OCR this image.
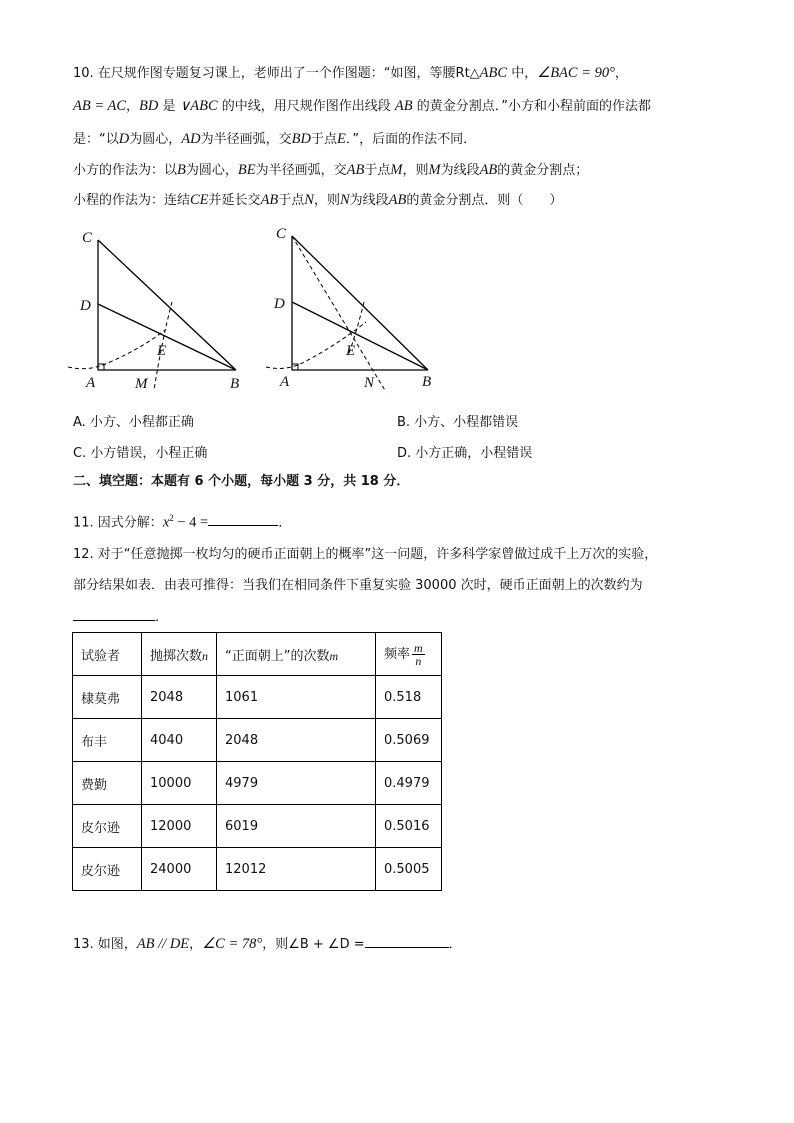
10. 在尺规作图专题复习课上，老师出了一个作图题：“如图，等腰Rt△ABC 中，∠BAC = 90°，
AB = AC，BD 是 ∨ABC 的中线，用尺规作图作出线段 AB 的黄金分割点．”小方和小程前面的作法都
是：“以D为圆心，AD为半径画弧，交BD于点E．”，后面的作法不同．
小方的作法为：以B为圆心，BE为半径画弧，交AB于点M，则M为线段AB的黄金分割点；
小程的作法为：连结CE并延长交AB于点N，则N为线段AB的黄金分割点．则（　　）
C
D
E
A	M	B
C
D
E
A	N	B
A. 小方、小程都正确	B. 小方、小程都错误
C. 小方错误，小程正确	D. 小方正确，小程错误
二、填空题：本题有 6 个小题，每小题 3 分，共 18 分．
11. 因式分解：$x^2 - 4$ =	．
12. 对于“任意抛掷一枚均匀的硬币正面朝上的概率”这一问题，许多科学家曾做过成千上万次的实验，
部分结果如表．由表可推得：当我们在相同条件下重复实验 30000 次时，硬币正面朝上的次数约为
．
试验者	抛掷次数n	“正面朝上”的次数m	频率 $\frac{m}{n}$

棣莫弗	2048	1061	0.518
布丰	4040	2048	0.5069
费勤	10000	4979	0.4979
皮尔逊	12000	6019	0.5016
皮尔逊	24000	12012	0.5005
13. 如图，AB // DE，∠C = 78°，则∠B + ∠D =	．
